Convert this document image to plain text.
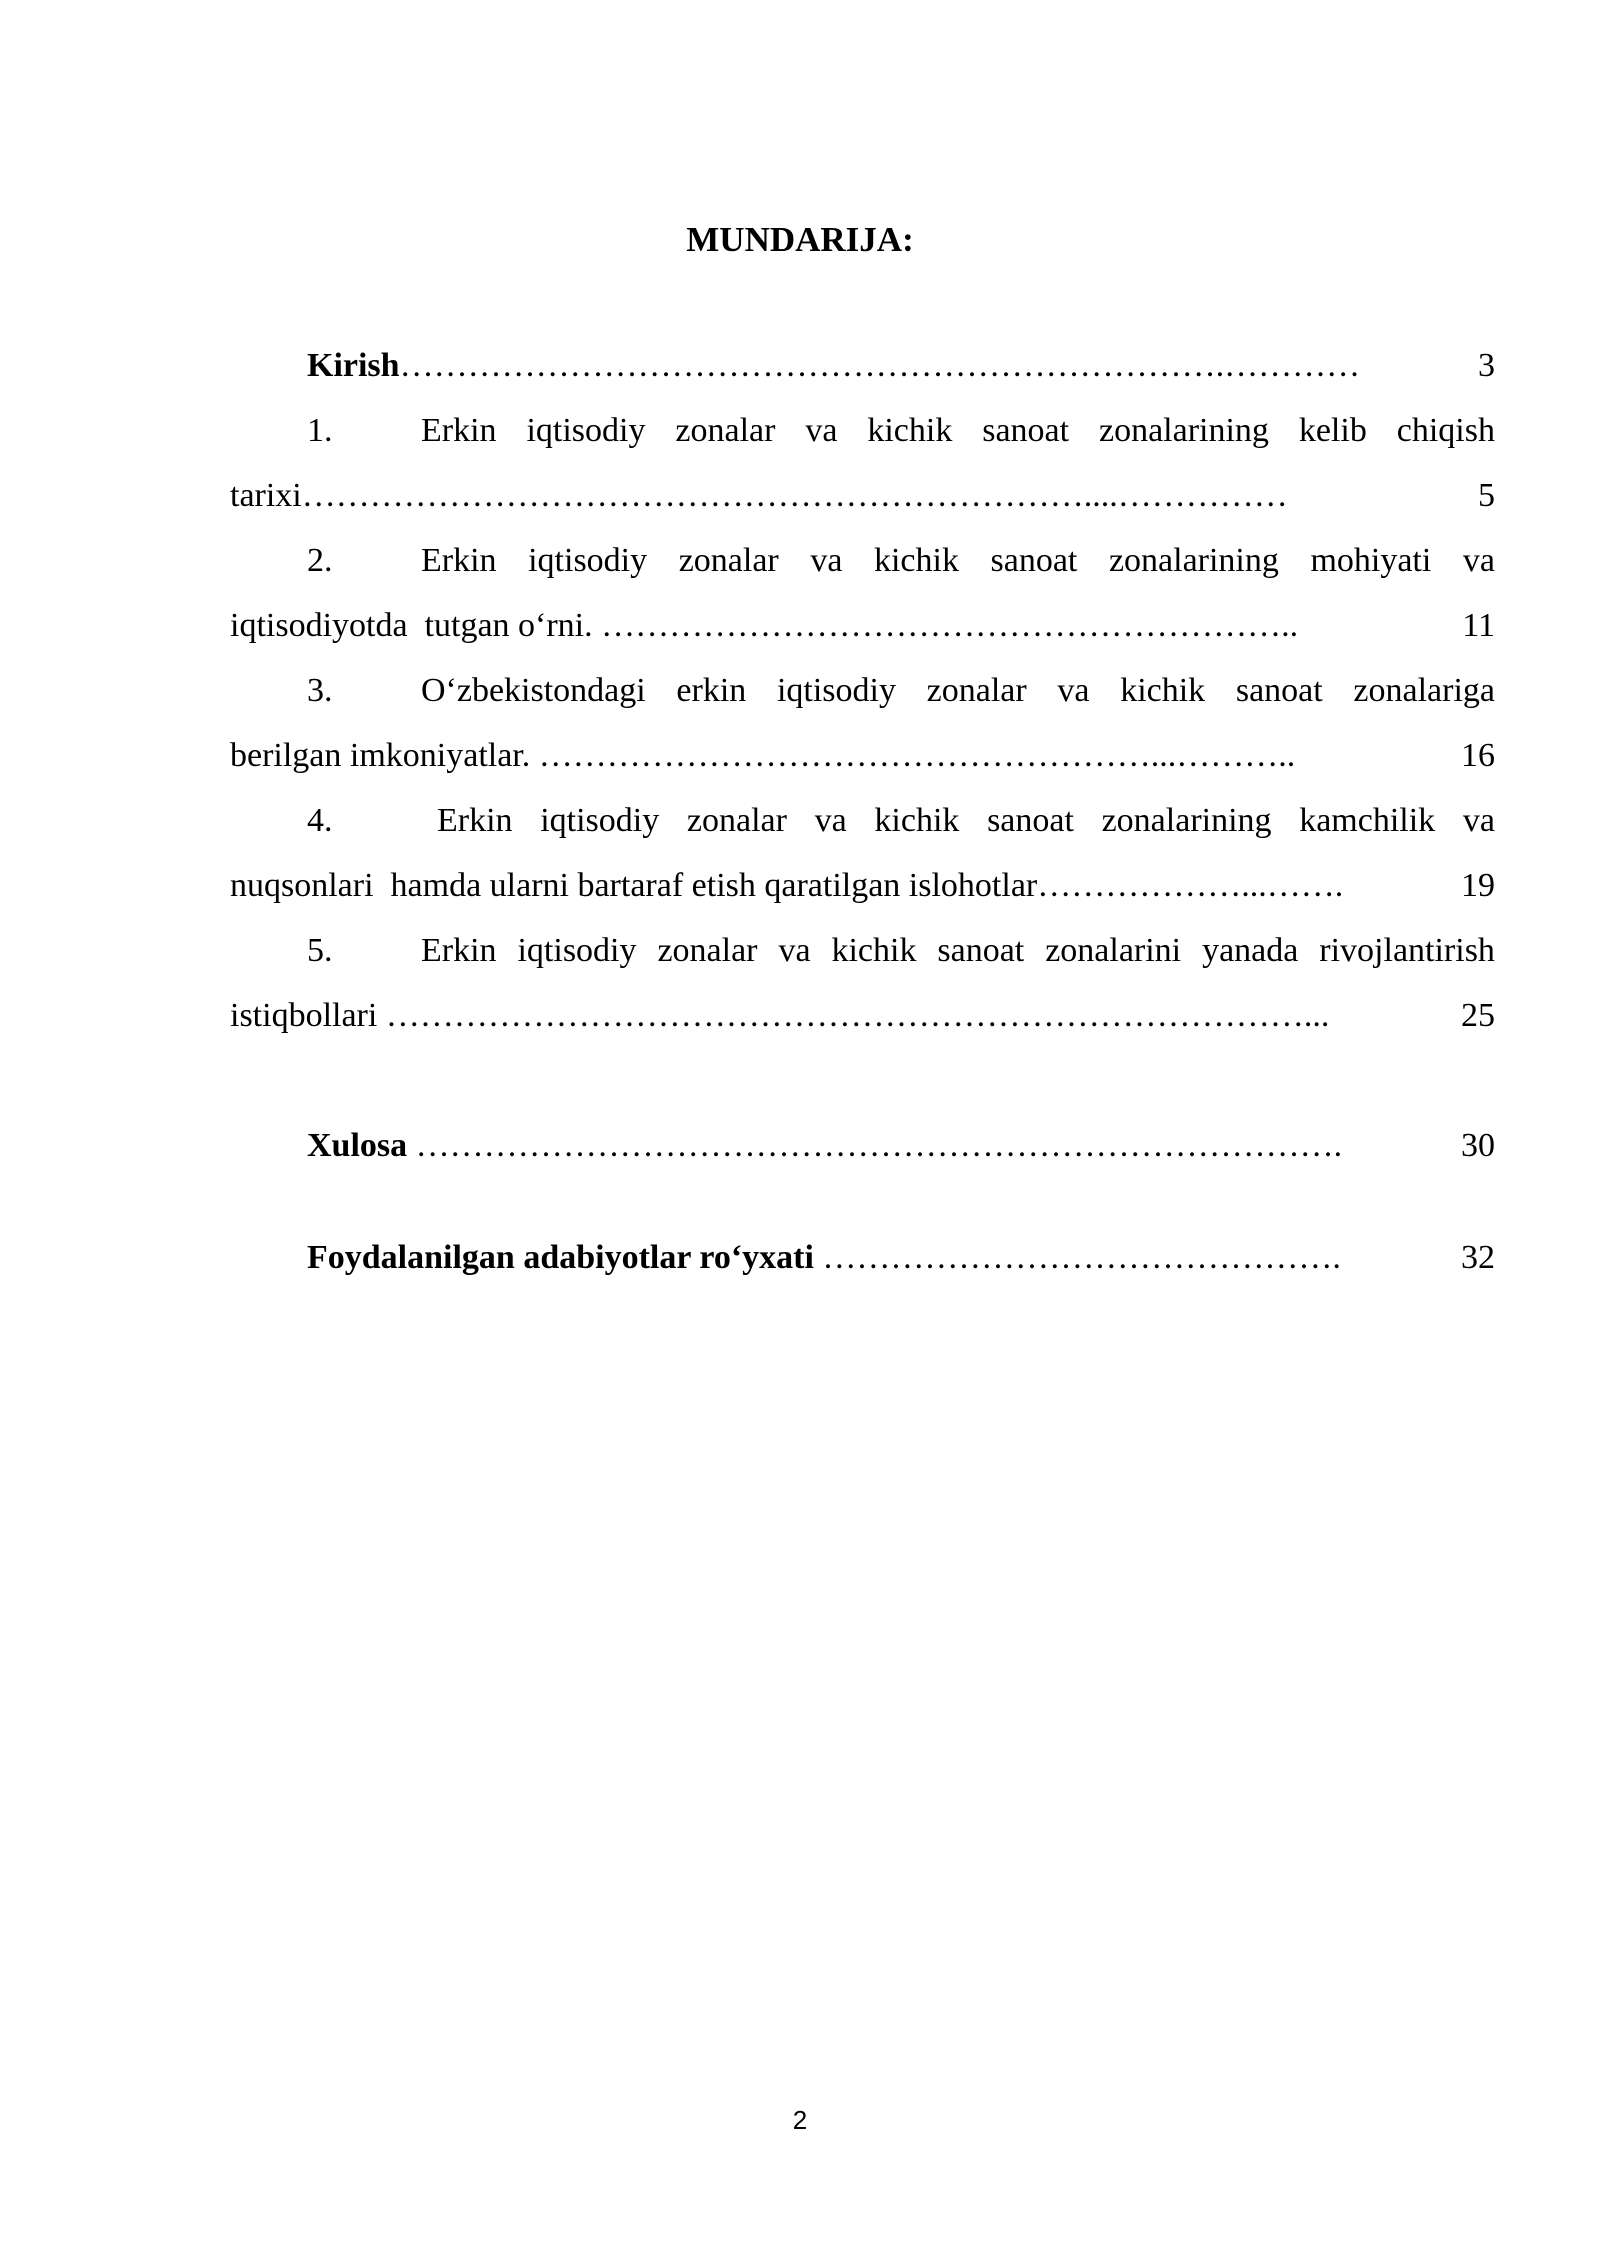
MUNDARIJA:
Kirish ……………………………………………………………….…………	3
1.	Erkin iqtisodiy zonalar va kichik sanoat zonalarining kelib chiqish
tarixi ……………………………………………………………....……………	5
2.	Erkin iqtisodiy zonalar va kichik sanoat zonalarining mohiyati va
iqtisodiyotda  tutgan o‘rni. ……………………………………………………..	11
3.	O‘zbekistondagi erkin iqtisodiy zonalar va kichik sanoat zonalariga
berilgan imkoniyatlar. ………………………………………………...………..	16
4.	Erkin iqtisodiy zonalar va kichik sanoat zonalarining kamchilik va
nuqsonlari  hamda ularni bartaraf etish qaratilgan islohotlar ………………...…….	19
5.	Erkin iqtisodiy zonalar va kichik sanoat zonalarini yanada rivojlantirish
istiqbollari ………………………………………………………………………...	25
Xulosa ……………………………………………………………………….	30
Foydalanilgan adabiyotlar ro‘yxati ……………………………………….	32
2
